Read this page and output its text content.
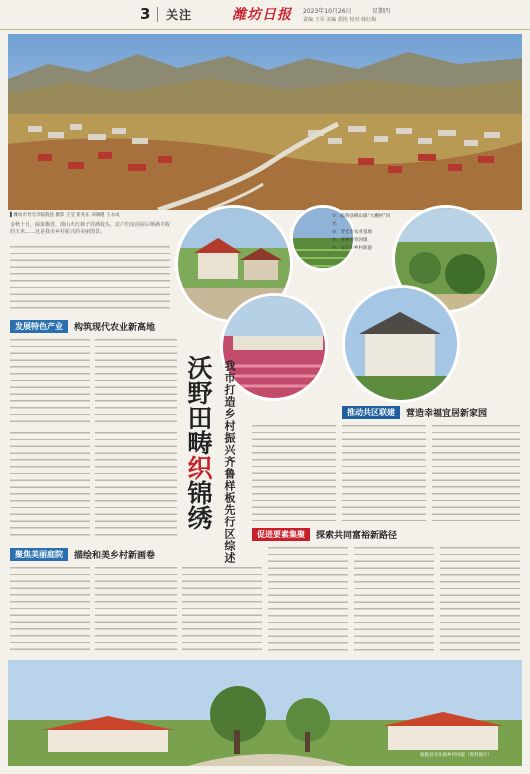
3 关注	潍坊日报 2023年10月26日	星期四
责编 王军 美编 郭艳 校对 韩红梅
▌潍坊市寿光市临朐县 摄影 王莹 崔兆东 刘满健 王永成
金秋十月，硕果飘香。漫山火红柿子挂满枝头，农户们房前屋后晒满丰收的玉米……这是我市乡村振兴的美丽图景。
①：临朐县柳山镇“大棚村”风光
②：寿光市农业基地
③：青州市弥河镇
④：安丘市乡村新貌
发展特色产业	构筑现代农业新高地
沃野田畴织锦绣 我市打造乡村振兴齐鲁样板先行区综述
聚焦美丽庭院	描绘和美乡村新画卷
推动共区联建	营造幸福宜居新家园
促进要素集聚	探索共同富裕新路径
临朐县寺头镇乡村风貌（资料图片）
